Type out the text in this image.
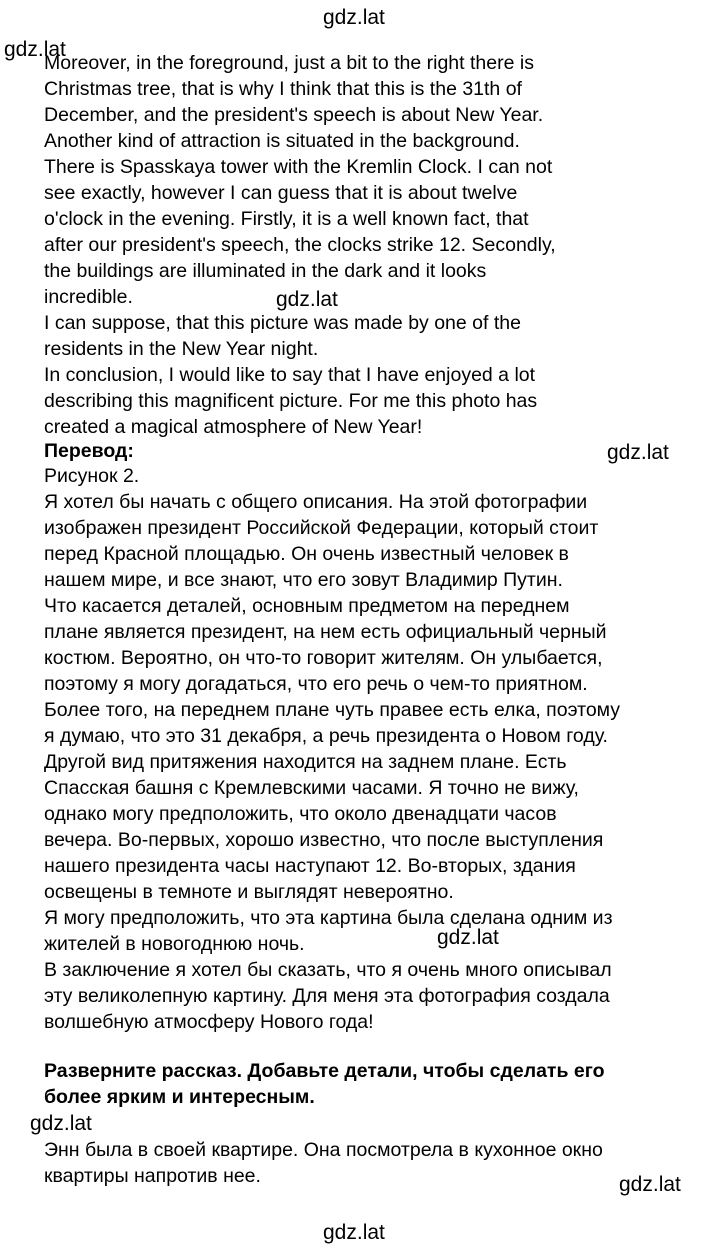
gdz.lat
gdz.lat
gdz.lat
gdz.lat
gdz.lat
gdz.lat
gdz.lat
gdz.lat
Moreover, in the foreground, just a bit to the right there is
Christmas tree, that is why I think that this is the 31th of
December, and the president's speech is about New Year.
Another kind of attraction is situated in the background.
There is Spasskaya tower with the Kremlin Clock. I can not
see exactly, however I can guess that it is about twelve
o'clock in the evening. Firstly, it is a well known fact, that
after our president's speech, the clocks strike 12. Secondly,
the buildings are illuminated in the dark and it looks
incredible.
I can suppose, that this picture was made by one of the
residents in the New Year night.
In conclusion, I would like to say that I have enjoyed a lot
describing this magnificent picture. For me this photo has
created a magical atmosphere of New Year!
Перевод:
Рисунок 2.
Я хотел бы начать с общего описания. На этой фотографии
изображен президент Российской Федерации, который стоит
перед Красной площадью. Он очень известный человек в
нашем мире, и все знают, что его зовут Владимир Путин.
Что касается деталей, основным предметом на переднем
плане является президент, на нем есть официальный черный
костюм. Вероятно, он что-то говорит жителям. Он улыбается,
поэтому я могу догадаться, что его речь о чем-то приятном.
Более того, на переднем плане чуть правее есть елка, поэтому
я думаю, что это 31 декабря, а речь президента о Новом году.
Другой вид притяжения находится на заднем плане. Есть
Спасская башня с Кремлевскими часами. Я точно не вижу,
однако могу предположить, что около двенадцати часов
вечера. Во-первых, хорошо известно, что после выступления
нашего президента часы наступают 12. Во-вторых, здания
освещены в темноте и выглядят невероятно.
Я могу предположить, что эта картина была сделана одним из
жителей в новогоднюю ночь.
В заключение я хотел бы сказать, что я очень много описывал
эту великолепную картину. Для меня эта фотография создала
волшебную атмосферу Нового года!
Разверните рассказ. Добавьте детали, чтобы сделать его
более ярким и интересным.
Энн была в своей квартире. Она посмотрела в кухонное окно
квартиры напротив нее.
